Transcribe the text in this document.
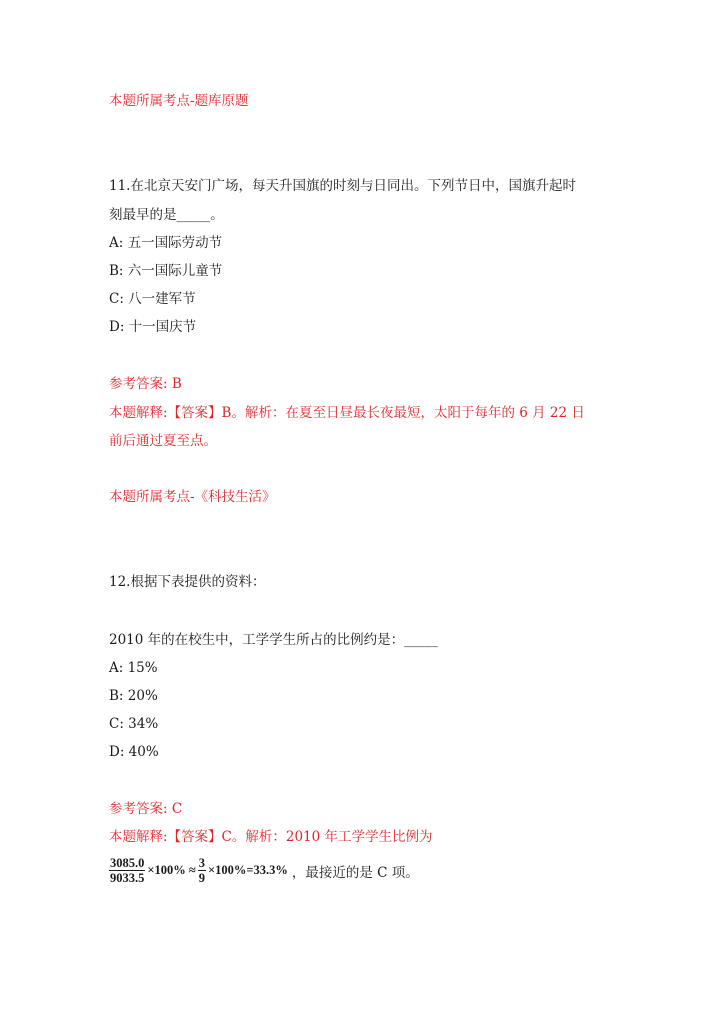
本题所属考点-题库原题
11.在北京天安门广场，每天升国旗的时刻与日同出。下列节日中，国旗升起时
刻最早的是_____。
A: 五一国际劳动节
B: 六一国际儿童节
C: 八一建军节
D: 十一国庆节
参考答案: B
本题解释:【答案】B。解析：在夏至日昼最长夜最短，太阳于每年的 6 月 22 日
前后通过夏至点。
本题所属考点-《科技生活》
12.根据下表提供的资料：
2010 年的在校生中，工学学生所占的比例约是：_____
A: 15%
B: 20%
C: 34%
D: 40%
参考答案: C
本题解释:【答案】C。解析：2010 年工学学生比例为
$\frac{3085.0}{9033.5} \times 100\% \approx \frac{3}{9} \times 100\%=33.3\%$ ，最接近的是 C 项。
